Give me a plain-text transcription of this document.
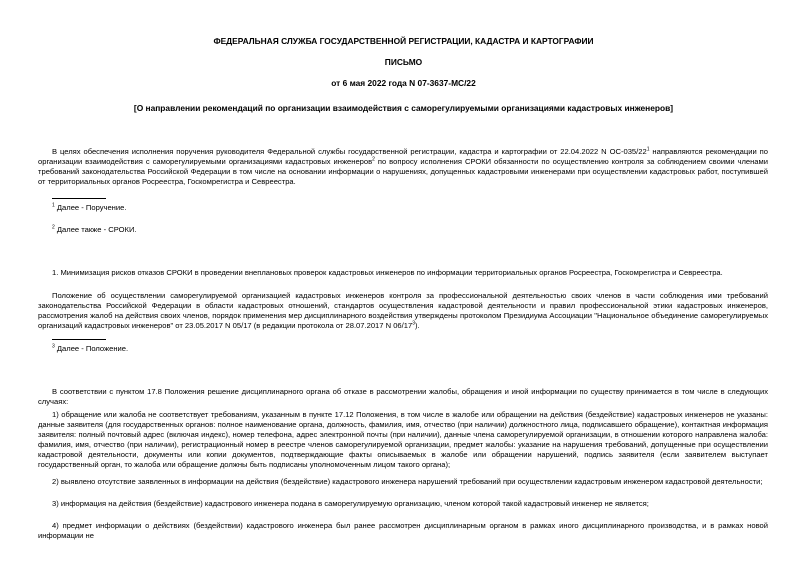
ФЕДЕРАЛЬНАЯ СЛУЖБА ГОСУДАРСТВЕННОЙ РЕГИСТРАЦИИ, КАДАСТРА И КАРТОГРАФИИ
ПИСЬМО
от 6 мая 2022 года N 07-3637-МС/22
[О направлении рекомендаций по организации взаимодействия с саморегулируемыми организациями кадастровых инженеров]
В целях обеспечения исполнения поручения руководителя Федеральной службы государственной регистрации, кадастра и картографии от 22.04.2022 N $ОС-035/22^1$ направляются рекомендации по организации взаимодействия с саморегулируемыми организациями кадастровых инженеров$^2$ по вопросу исполнения СРОКИ обязанности по осуществлению контроля за соблюдением своими членами требований законодательства Российской Федерации в том числе на основании информации о нарушениях, допущенных кадастровыми инженерами при осуществлении кадастровых работ, поступившей от территориальных органов Росреестра, Госкомрегистра и Севреестра.
$^1$ Далее - Поручение.
$^2$ Далее также - СРОКИ.
1. Минимизация рисков отказов СРОКИ в проведении внеплановых проверок кадастровых инженеров по информации территориальных органов Росреестра, Госкомрегистра и Севреестра.
Положение об осуществлении саморегулируемой организацией кадастровых инженеров контроля за профессиональной деятельностью своих членов в части соблюдения ими требований законодательства Российской Федерации в области кадастровых отношений, стандартов осуществления кадастровой деятельности и правил профессиональной этики кадастровых инженеров, рассмотрения жалоб на действия своих членов, порядок применения мер дисциплинарного воздействия утверждены протоколом Президиума Ассоциации "Национальное объединение саморегулируемых организаций кадастровых инженеров" от 23.05.2017 N 05/17 (в редакции протокола от 28.07.2017 N $06/17^3$).
$^3$ Далее - Положение.
В соответствии с пунктом 17.8 Положения решение дисциплинарного органа об отказе в рассмотрении жалобы, обращения и иной информации по существу принимается в том числе в следующих случаях:
1) обращение или жалоба не соответствует требованиям, указанным в пункте 17.12 Положения, в том числе в жалобе или обращении на действия (бездействие) кадастровых инженеров не указаны: данные заявителя (для государственных органов: полное наименование органа, должность, фамилия, имя, отчество (при наличии) должностного лица, подписавшего обращение), контактная информация заявителя: полный почтовый адрес (включая индекс), номер телефона, адрес электронной почты (при наличии), данные члена саморегулируемой организации, в отношении которого направлена жалоба: фамилия, имя, отчество (при наличии), регистрационный номер в реестре членов саморегулируемой организации, предмет жалобы: указание на нарушения требований, допущенные при осуществлении кадастровой деятельности, документы или копии документов, подтверждающие факты описываемых в жалобе или обращении нарушений, подпись заявителя (если заявителем выступает государственный орган, то жалоба или обращение должны быть подписаны уполномоченным лицом такого органа);
2) выявлено отсутствие заявленных в информации на действия (бездействие) кадастрового инженера нарушений требований при осуществлении кадастровым инженером кадастровой деятельности;
3) информация на действия (бездействие) кадастрового инженера подана в саморегулируемую организацию, членом которой такой кадастровый инженер не является;
4) предмет информации о действиях (бездействии) кадастрового инженера был ранее рассмотрен дисциплинарным органом в рамках иного дисциплинарного производства, и в рамках новой информации не
